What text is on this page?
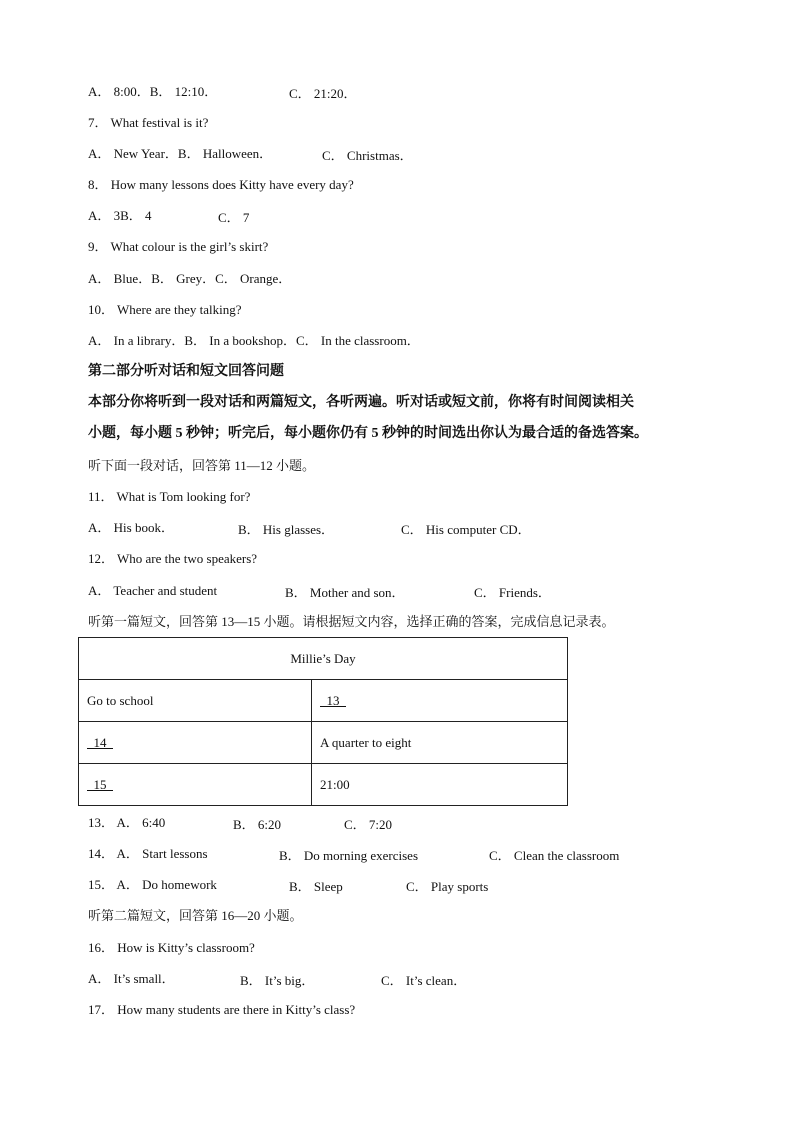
A． 8:00．B． 12:10．	C． 21:20．
7． What festival is it?
A． New Year．B． Halloween．	C． Christmas．
8． How many lessons does Kitty have every day?
A． 3B． 4	C． 7
9． What colour is the girl’s skirt?
A． Blue．B． Grey．C． Orange．
10． Where are they talking?
A． In a library．B． In a bookshop．C． In the classroom．
第二部分听对话和短文回答问题
本部分你将听到一段对话和两篇短文，各听两遍。听对话或短文前，你将有时间阅读相关
小题，每小题 5 秒钟；听完后，每小题你仍有 5 秒钟的时间选出你认为最合适的备选答案。
听下面一段对话，回答第 11—12 小题。
11． What is Tom looking for?
A． His book．	B． His glasses．	C． His computer CD．
12． Who are the two speakers?
A． Teacher and student	B． Mother and son．	C． Friends．
听第一篇短文，回答第 13—15 小题。请根据短文内容，选择正确的答案，完成信息记录表。
Millie’s Day	
Go to school	13
14	A quarter to eight
15	21:00
13． A． 6:40	B． 6:20	C． 7:20
14． A． Start lessons	B． Do morning exercises	C． Clean the classroom
15． A． Do homework	B． Sleep	C． Play sports
听第二篇短文，回答第 16—20 小题。
16． How is Kitty’s classroom?
A． It’s small．	B． It’s big．	C． It’s clean．
17． How many students are there in Kitty’s class?
